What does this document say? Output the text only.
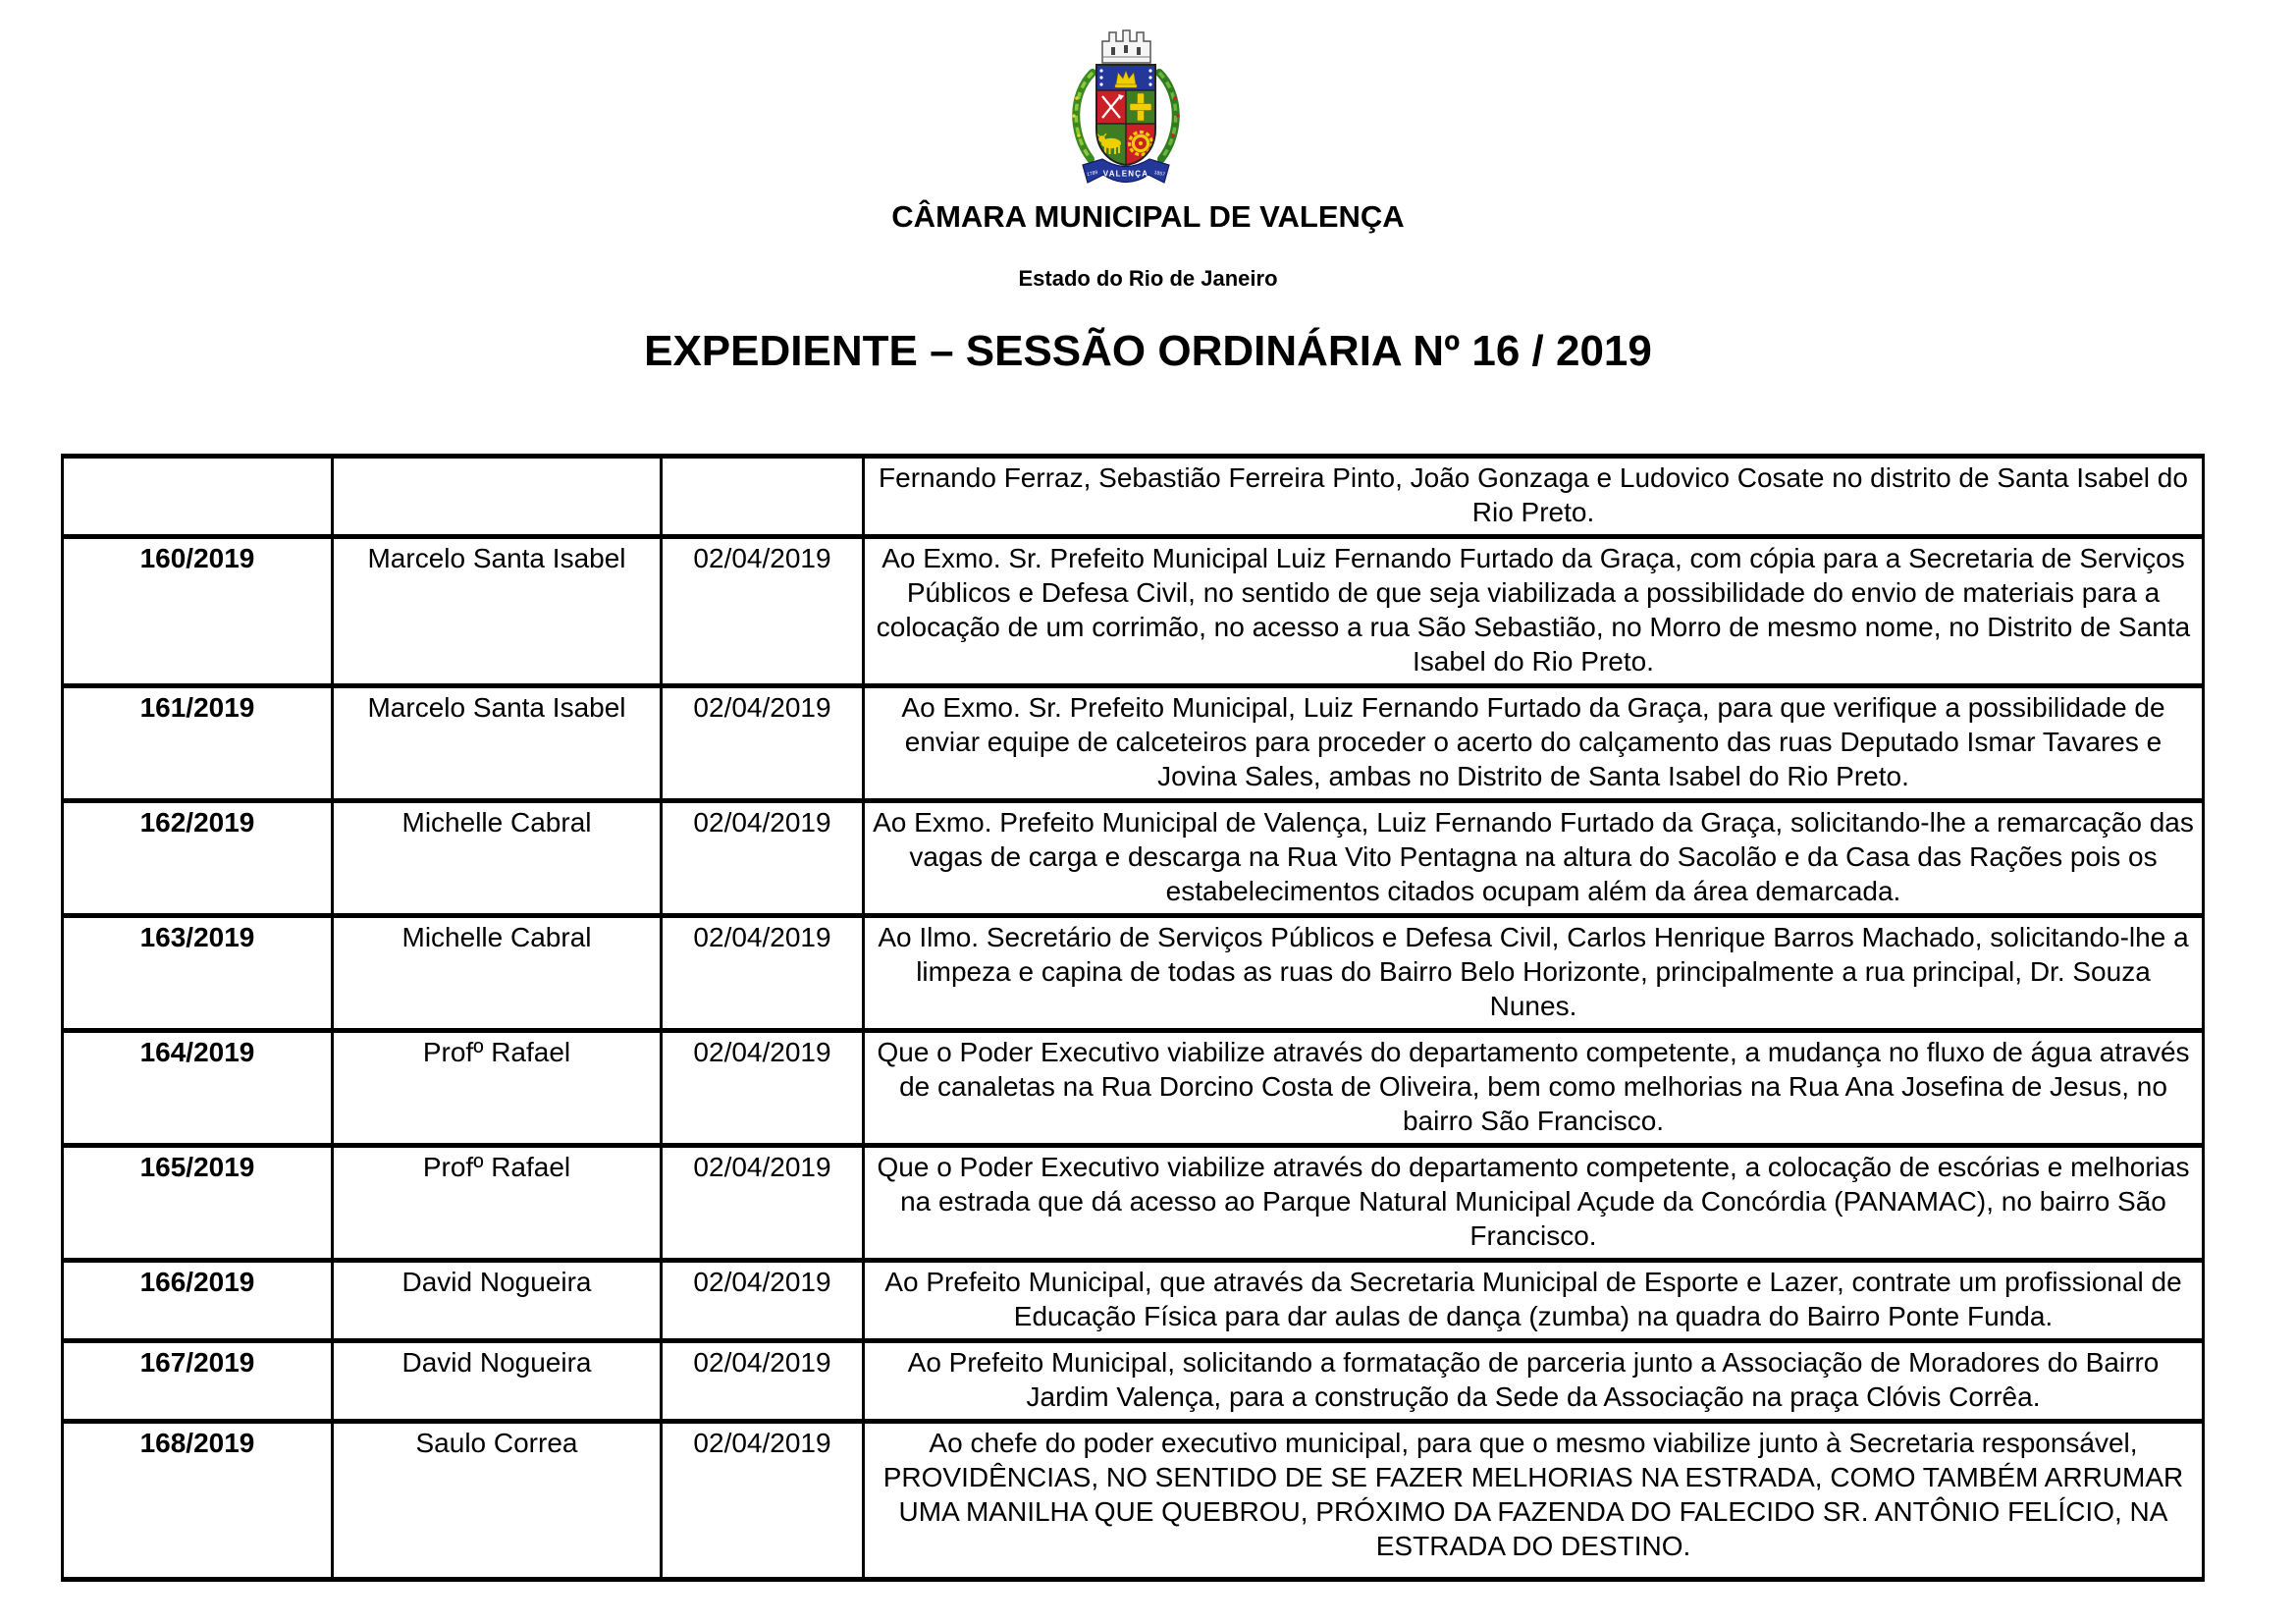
1789 VALENÇA 1857
CÂMARA MUNICIPAL DE VALENÇA
Estado do Rio de Janeiro
EXPEDIENTE – SESSÃO ORDINÁRIA Nº 16 / 2019
			Fernando Ferraz, Sebastião Ferreira Pinto, João Gonzaga e Ludovico Cosate no distrito de Santa Isabel do Rio Preto.
160/2019	Marcelo Santa Isabel	02/04/2019	Ao Exmo. Sr. Prefeito Municipal Luiz Fernando Furtado da Graça, com cópia para a Secretaria de Serviços Públicos e Defesa Civil, no sentido de que seja viabilizada a possibilidade do envio de materiais para a colocação de um corrimão, no acesso a rua São Sebastião, no Morro de mesmo nome, no Distrito de Santa Isabel do Rio Preto.
161/2019	Marcelo Santa Isabel	02/04/2019	Ao Exmo. Sr. Prefeito Municipal, Luiz Fernando Furtado da Graça, para que verifique a possibilidade de enviar equipe de calceteiros para proceder o acerto do calçamento das ruas Deputado Ismar Tavares e Jovina Sales, ambas no Distrito de Santa Isabel do Rio Preto.
162/2019	Michelle Cabral	02/04/2019	Ao Exmo. Prefeito Municipal de Valença, Luiz Fernando Furtado da Graça, solicitando-lhe a remarcação das vagas de carga e descarga na Rua Vito Pentagna na altura do Sacolão e da Casa das Rações pois os estabelecimentos citados ocupam além da área demarcada.
163/2019	Michelle Cabral	02/04/2019	Ao Ilmo. Secretário de Serviços Públicos e Defesa Civil, Carlos Henrique Barros Machado, solicitando-lhe a limpeza e capina de todas as ruas do Bairro Belo Horizonte, principalmente a rua principal, Dr. Souza Nunes.
164/2019	Profº Rafael	02/04/2019	Que o Poder Executivo viabilize através do departamento competente, a mudança no fluxo de água através de canaletas na Rua Dorcino Costa de Oliveira, bem como melhorias na Rua Ana Josefina de Jesus, no bairro São Francisco.
165/2019	Profº Rafael	02/04/2019	Que o Poder Executivo viabilize através do departamento competente, a colocação de escórias e melhorias na estrada que dá acesso ao Parque Natural Municipal Açude da Concórdia (PANAMAC), no bairro São Francisco.
166/2019	David Nogueira	02/04/2019	Ao Prefeito Municipal, que através da Secretaria Municipal de Esporte e Lazer, contrate um profissional de Educação Física para dar aulas de dança (zumba) na quadra do Bairro Ponte Funda.
167/2019	David Nogueira	02/04/2019	Ao Prefeito Municipal, solicitando a formatação de parceria junto a Associação de Moradores do Bairro Jardim Valença, para a construção da Sede da Associação na praça Clóvis Corrêa.
168/2019	Saulo Correa	02/04/2019	Ao chefe do poder executivo municipal, para que o mesmo viabilize junto à Secretaria responsável, PROVIDÊNCIAS, NO SENTIDO DE SE FAZER MELHORIAS NA ESTRADA, COMO TAMBÉM ARRUMAR UMA MANILHA QUE QUEBROU, PRÓXIMO DA FAZENDA DO FALECIDO SR. ANTÔNIO FELÍCIO, NA ESTRADA DO DESTINO.
